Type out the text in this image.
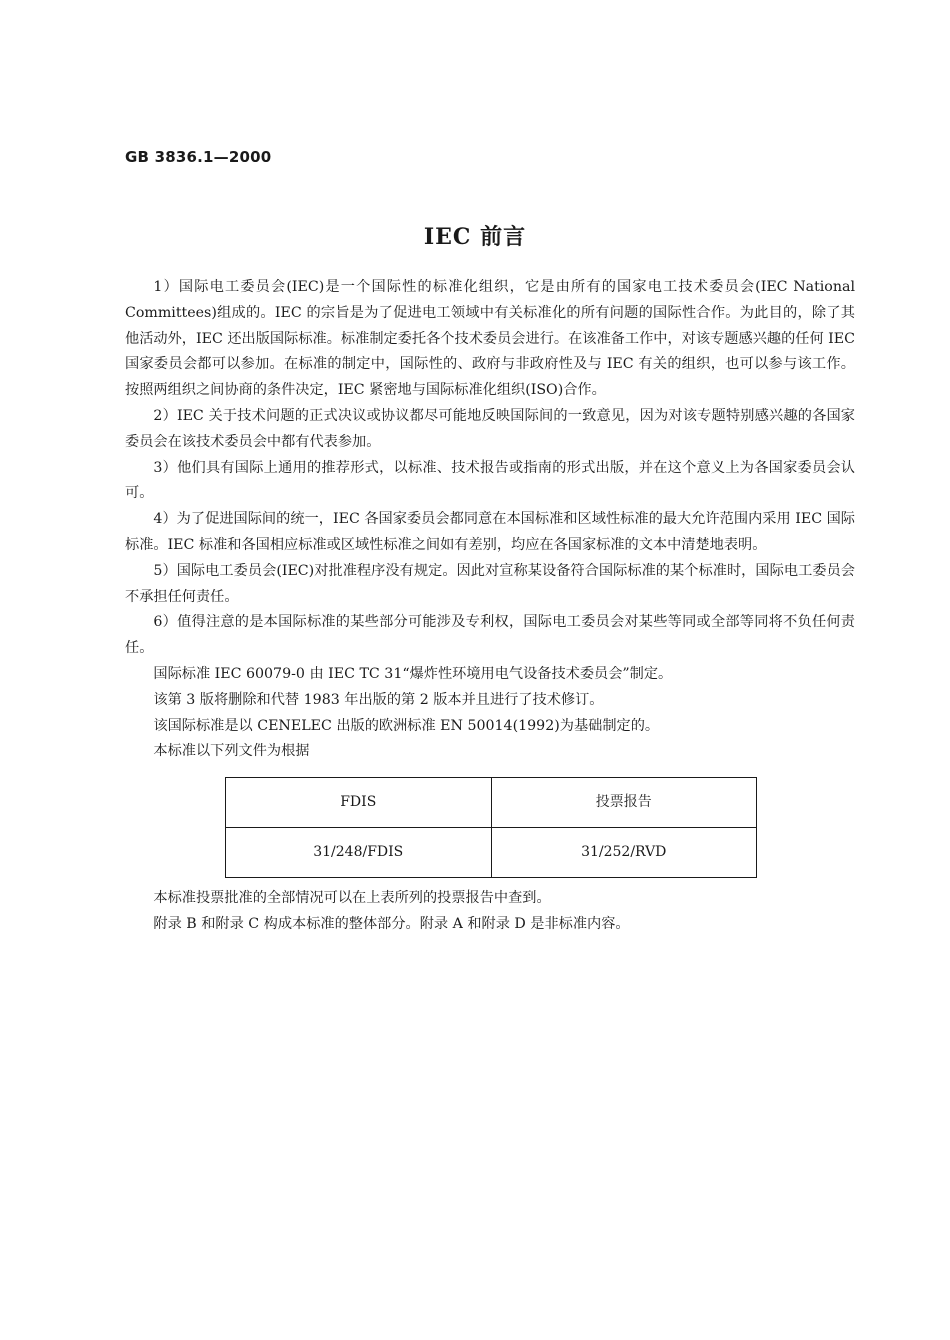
GB 3836.1—2000

IEC 前言

1）国际电工委员会(IEC)是一个国际性的标准化组织，它是由所有的国家电工技术委员会(IEC National Committees)组成的。IEC 的宗旨是为了促进电工领域中有关标准化的所有问题的国际性合作。为此目的，除了其他活动外，IEC 还出版国际标准。标准制定委托各个技术委员会进行。在该准备工作中，对该专题感兴趣的任何 IEC 国家委员会都可以参加。在标准的制定中，国际性的、政府与非政府性及与 IEC 有关的组织，也可以参与该工作。按照两组织之间协商的条件决定，IEC 紧密地与国际标准化组织(ISO)合作。

2）IEC 关于技术问题的正式决议或协议都尽可能地反映国际间的一致意见，因为对该专题特别感兴趣的各国家委员会在该技术委员会中都有代表参加。

3）他们具有国际上通用的推荐形式，以标准、技术报告或指南的形式出版，并在这个意义上为各国家委员会认可。

4）为了促进国际间的统一，IEC 各国家委员会都同意在本国标准和区域性标准的最大允许范围内采用 IEC 国际标准。IEC 标准和各国相应标准或区域性标准之间如有差别，均应在各国家标准的文本中清楚地表明。

5）国际电工委员会(IEC)对批准程序没有规定。因此对宣称某设备符合国际标准的某个标准时，国际电工委员会不承担任何责任。

6）值得注意的是本国际标准的某些部分可能涉及专利权，国际电工委员会对某些等同或全部等同将不负任何责任。

国际标准 IEC 60079-0 由 IEC TC 31“爆炸性环境用电气设备技术委员会”制定。

该第 3 版将删除和代替 1983 年出版的第 2 版本并且进行了技术修订。

该国际标准是以 CENELEC 出版的欧洲标准 EN 50014(1992)为基础制定的。

本标准以下列文件为根据

FDIS	投票报告
31/248/FDIS	31/252/RVD

本标准投票批准的全部情况可以在上表所列的投票报告中查到。

附录 B 和附录 C 构成本标准的整体部分。附录 A 和附录 D 是非标准内容。
